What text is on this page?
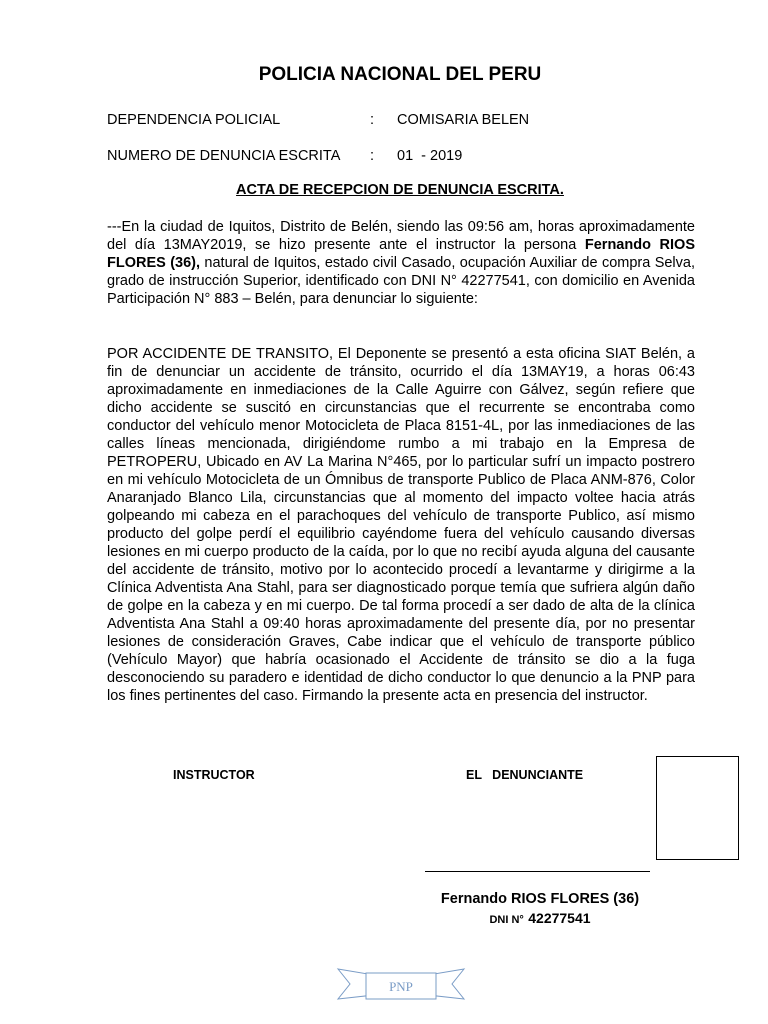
POLICIA NACIONAL DEL PERU
DEPENDENCIA POLICIAL	: COMISARIA BELEN
NUMERO DE DENUNCIA ESCRITA : 01  - 2019
ACTA DE RECEPCION DE DENUNCIA ESCRITA.

---En la ciudad de Iquitos, Distrito de Belén, siendo las 09:56 am, horas aproximadamente del día 13MAY2019, se hizo presente ante el instructor la persona Fernando RIOS FLORES (36), natural de Iquitos, estado civil Casado, ocupación Auxiliar de compra Selva, grado de instrucción Superior, identificado con DNI N° 42277541, con domicilio en Avenida Participación N° 883 – Belén, para denunciar lo siguiente:

POR ACCIDENTE DE TRANSITO, El Deponente se presentó a esta oficina SIAT Belén, a fin de denunciar un accidente de tránsito, ocurrido el día 13MAY19, a horas 06:43 aproximadamente en inmediaciones de la Calle Aguirre con Gálvez, según refiere que dicho accidente se suscitó en circunstancias que el recurrente se encontraba como conductor del vehículo menor Motocicleta de Placa 8151-4L, por las inmediaciones de las calles líneas mencionada, dirigiéndome rumbo a mi trabajo en la Empresa de PETROPERU, Ubicado en AV La Marina N°465, por lo particular sufrí un impacto postrero en mi vehículo Motocicleta de un Ómnibus de transporte Publico de Placa ANM-876, Color Anaranjado Blanco Lila, circunstancias que al momento del impacto voltee hacia atrás golpeando mi cabeza en el parachoques del vehículo de transporte Publico, así mismo producto del golpe perdí el equilibrio cayéndome fuera del vehículo causando diversas lesiones en mi cuerpo producto de la caída, por lo que no recibí ayuda alguna del causante del accidente de tránsito, motivo por lo acontecido procedí a levantarme y dirigirme a la Clínica Adventista Ana Stahl, para ser diagnosticado porque temía que sufriera algún daño de golpe en la cabeza y en mi cuerpo. De tal forma procedí a ser dado de alta de la clínica Adventista Ana Stahl a 09:40 horas aproximadamente del presente día, por no presentar lesiones de consideración Graves, Cabe indicar que el vehículo de transporte público (Vehículo Mayor) que habría ocasionado el Accidente de tránsito se dio a la fuga desconociendo su paradero e identidad de dicho conductor lo que denuncio a la PNP para los fines pertinentes del caso. Firmando la presente acta en presencia del instructor.

INSTRUCTOR	EL   DENUNCIANTE
Fernando RIOS FLORES (36)
DNI N° 42277541
PNP
